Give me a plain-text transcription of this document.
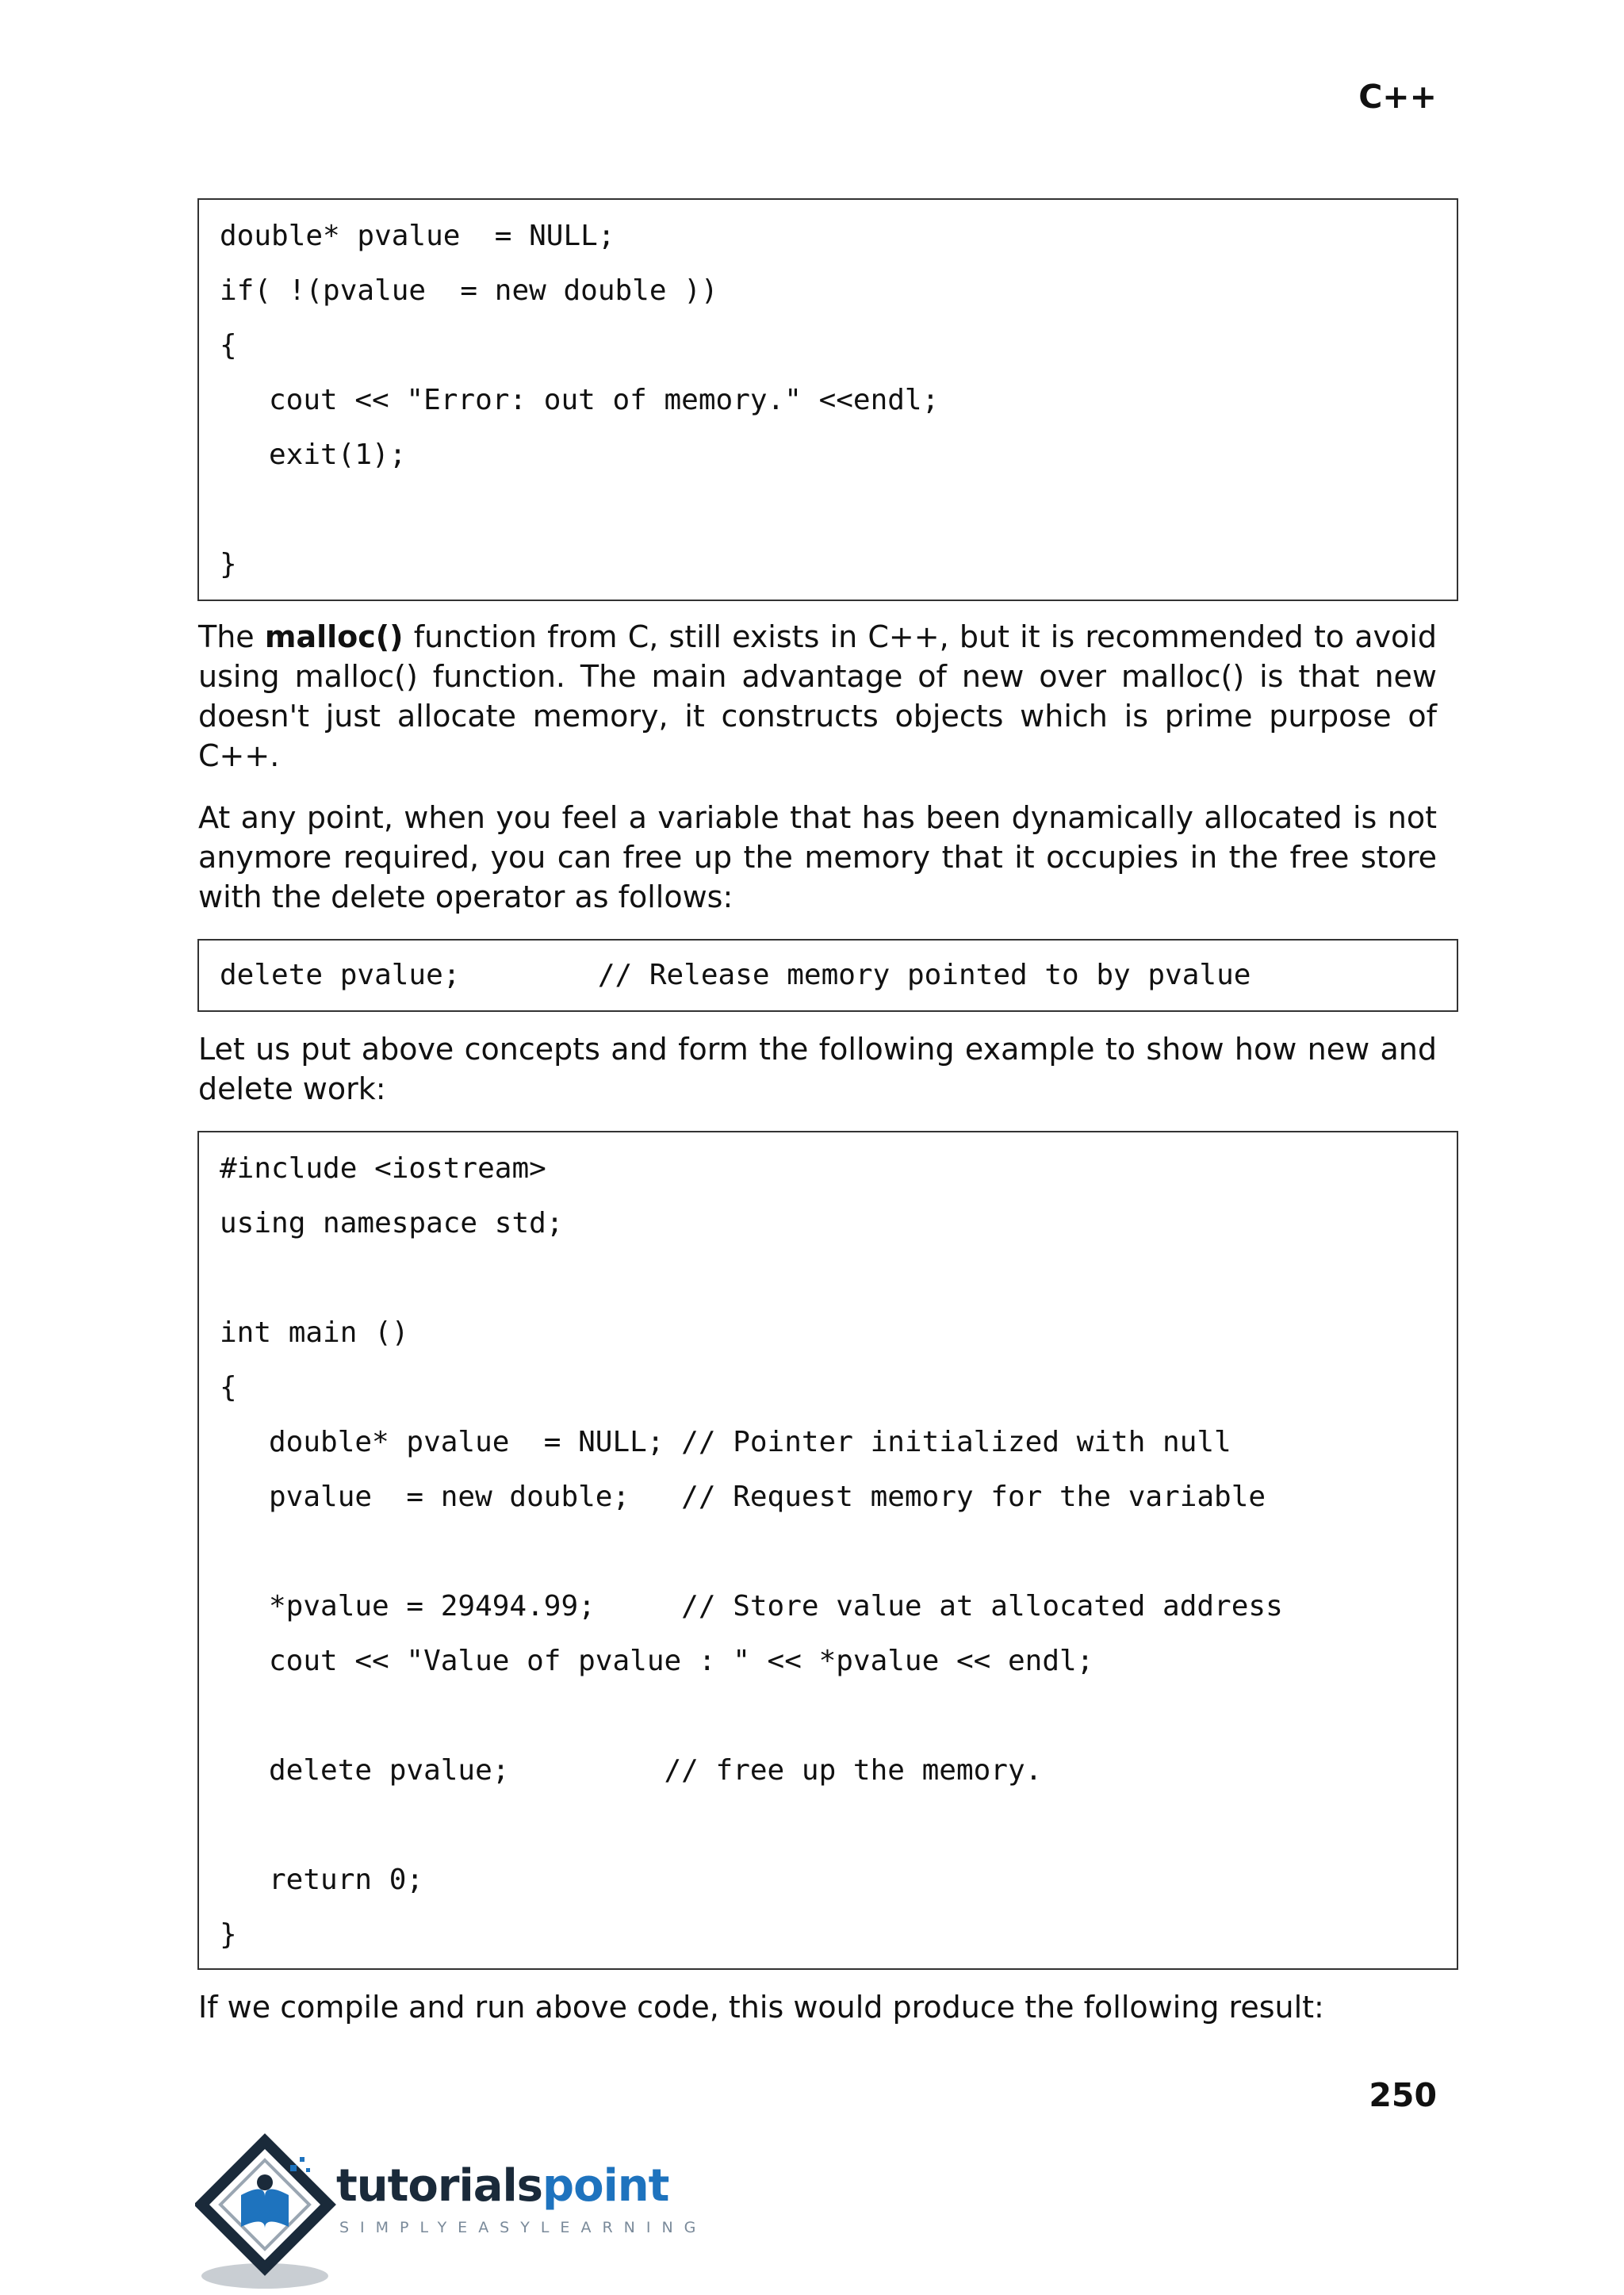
C++
double* pvalue  = NULL;
if( !(pvalue  = new double ))
{
cout << "Error: out of memory." <<endl;
exit(1);
}
The malloc() function from C, still exists in C++, but it is recommended to avoid using malloc() function. The main advantage of new over malloc() is that new doesn't just allocate memory, it constructs objects which is prime purpose of C++.
At any point, when you feel a variable that has been dynamically allocated is not anymore required, you can free up the memory that it occupies in the free store with the delete operator as follows:
delete pvalue;        // Release memory pointed to by pvalue
Let us put above concepts and form the following example to show how new and delete work:
#include <iostream>
using namespace std;
int main ()
{
double* pvalue  = NULL; // Pointer initialized with null
pvalue  = new double;   // Request memory for the variable
*pvalue = 29494.99;     // Store value at allocated address
cout << "Value of pvalue : " << *pvalue << endl;
delete pvalue;         // free up the memory.
return 0;
}
If we compile and run above code, this would produce the following result:
250
tutorialspoint
SIMPLYEASYLEARNING
